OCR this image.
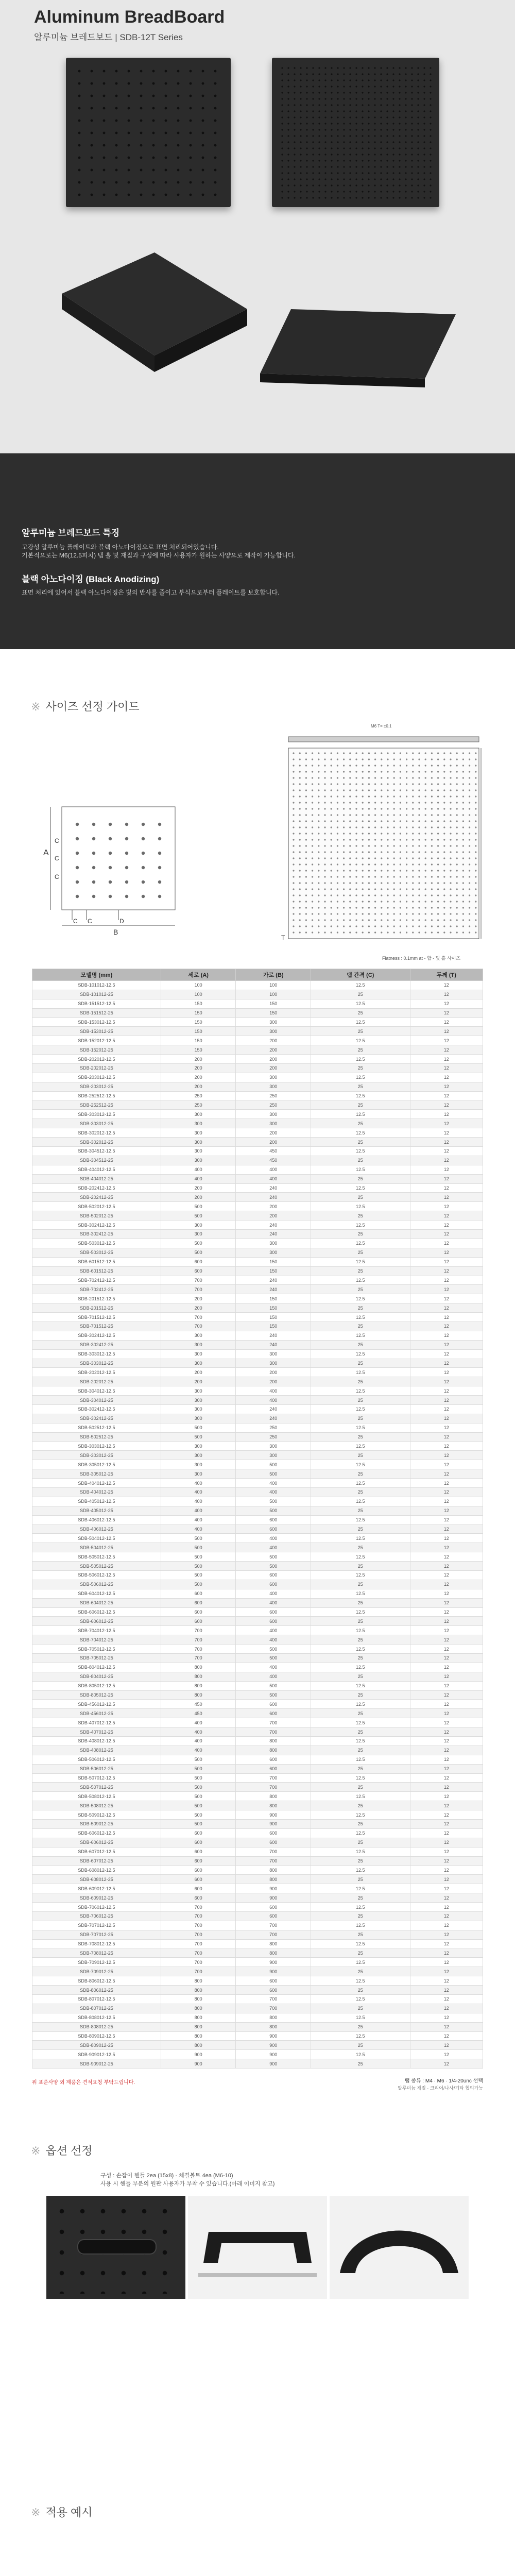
Aluminum BreadBoard
알루미늄 브레드보드 | SDB-12T Series
알루미늄 브레드보드 특징

고강성 알루미늄 플레이트와 블랙 아노다이징으로 표면 처리되어있습니다.

기본적으로는 M6(12.5피치) 탭 홀 및 재질과 구성에 따라 사용자가 원하는 사양으로 제작이 가능합니다.

블랙 아노다이징 (Black Anodizing)

표면 처리에 있어서 블랙 아노다이징은 빛의 반사를 줄이고 부식으로부터 플레이트를 보호합니다.

※ 사이즈 선정 가이드
A
C
C
C
C C	D
B
M6 T= ±0.1
T
Flatness : 0.1mm at - 합 - 및 홀 사이즈
모델명 (mm)	세로 (A)	가로 (B)	탭 간격 (C)	두께 (T)
SDB-101012-12.5	100	100	12.5	12
SDB-101012-25	100	100	25	12
SDB-151512-12.5	150	150	12.5	12
SDB-151512-25	150	150	25	12
SDB-153012-12.5	150	300	12.5	12
SDB-153012-25	150	300	25	12
SDB-152012-12.5	150	200	12.5	12
SDB-152012-25	150	200	25	12
SDB-202012-12.5	200	200	12.5	12
SDB-202012-25	200	200	25	12
SDB-203012-12.5	200	300	12.5	12
SDB-203012-25	200	300	25	12
SDB-252512-12.5	250	250	12.5	12
SDB-252512-25	250	250	25	12
SDB-303012-12.5	300	300	12.5	12
SDB-303012-25	300	300	25	12
SDB-302012-12.5	300	200	12.5	12
SDB-302012-25	300	200	25	12
SDB-304512-12.5	300	450	12.5	12
SDB-304512-25	300	450	25	12
SDB-404012-12.5	400	400	12.5	12
SDB-404012-25	400	400	25	12
SDB-202412-12.5	200	240	12.5	12
SDB-202412-25	200	240	25	12
SDB-502012-12.5	500	200	12.5	12
SDB-502012-25	500	200	25	12
SDB-302412-12.5	300	240	12.5	12
SDB-302412-25	300	240	25	12
SDB-503012-12.5	500	300	12.5	12
SDB-503012-25	500	300	25	12
SDB-601512-12.5	600	150	12.5	12
SDB-601512-25	600	150	25	12
SDB-702412-12.5	700	240	12.5	12
SDB-702412-25	700	240	25	12
SDB-201512-12.5	200	150	12.5	12
SDB-201512-25	200	150	25	12
SDB-701512-12.5	700	150	12.5	12
SDB-701512-25	700	150	25	12
SDB-302412-12.5	300	240	12.5	12
SDB-302412-25	300	240	25	12
SDB-303012-12.5	300	300	12.5	12
SDB-303012-25	300	300	25	12
SDB-202012-12.5	200	200	12.5	12
SDB-202012-25	200	200	25	12
SDB-304012-12.5	300	400	12.5	12
SDB-304012-25	300	400	25	12
SDB-302412-12.5	300	240	12.5	12
SDB-302412-25	300	240	25	12
SDB-502512-12.5	500	250	12.5	12
SDB-502512-25	500	250	25	12
SDB-303012-12.5	300	300	12.5	12
SDB-303012-25	300	300	25	12
SDB-305012-12.5	300	500	12.5	12
SDB-305012-25	300	500	25	12
SDB-404012-12.5	400	400	12.5	12
SDB-404012-25	400	400	25	12
SDB-405012-12.5	400	500	12.5	12
SDB-405012-25	400	500	25	12
SDB-406012-12.5	400	600	12.5	12
SDB-406012-25	400	600	25	12
SDB-504012-12.5	500	400	12.5	12
SDB-504012-25	500	400	25	12
SDB-505012-12.5	500	500	12.5	12
SDB-505012-25	500	500	25	12
SDB-506012-12.5	500	600	12.5	12
SDB-506012-25	500	600	25	12
SDB-604012-12.5	600	400	12.5	12
SDB-604012-25	600	400	25	12
SDB-606012-12.5	600	600	12.5	12
SDB-606012-25	600	600	25	12
SDB-704012-12.5	700	400	12.5	12
SDB-704012-25	700	400	25	12
SDB-705012-12.5	700	500	12.5	12
SDB-705012-25	700	500	25	12
SDB-804012-12.5	800	400	12.5	12
SDB-804012-25	800	400	25	12
SDB-805012-12.5	800	500	12.5	12
SDB-805012-25	800	500	25	12
SDB-456012-12.5	450	600	12.5	12
SDB-456012-25	450	600	25	12
SDB-407012-12.5	400	700	12.5	12
SDB-407012-25	400	700	25	12
SDB-408012-12.5	400	800	12.5	12
SDB-408012-25	400	800	25	12
SDB-506012-12.5	500	600	12.5	12
SDB-506012-25	500	600	25	12
SDB-507012-12.5	500	700	12.5	12
SDB-507012-25	500	700	25	12
SDB-508012-12.5	500	800	12.5	12
SDB-508012-25	500	800	25	12
SDB-509012-12.5	500	900	12.5	12
SDB-509012-25	500	900	25	12
SDB-606012-12.5	600	600	12.5	12
SDB-606012-25	600	600	25	12
SDB-607012-12.5	600	700	12.5	12
SDB-607012-25	600	700	25	12
SDB-608012-12.5	600	800	12.5	12
SDB-608012-25	600	800	25	12
SDB-609012-12.5	600	900	12.5	12
SDB-609012-25	600	900	25	12
SDB-706012-12.5	700	600	12.5	12
SDB-706012-25	700	600	25	12
SDB-707012-12.5	700	700	12.5	12
SDB-707012-25	700	700	25	12
SDB-708012-12.5	700	800	12.5	12
SDB-708012-25	700	800	25	12
SDB-709012-12.5	700	900	12.5	12
SDB-709012-25	700	900	25	12
SDB-806012-12.5	800	600	12.5	12
SDB-806012-25	800	600	25	12
SDB-807012-12.5	800	700	12.5	12
SDB-807012-25	800	700	25	12
SDB-808012-12.5	800	800	12.5	12
SDB-808012-25	800	800	25	12
SDB-809012-12.5	800	900	12.5	12
SDB-809012-25	800	900	25	12
SDB-909012-12.5	900	900	12.5	12
SDB-909012-25	900	900	25	12
위 표준사양 외 제품은 견적요청 부탁드립니다.	탭 종류 : M4 · M6 · 1/4-20unc 선택
알루미늄 재질 · 크리어/나사/기타 협의가능
※ 옵션 선정
구성 : 손잡이 핸들 2ea (15x8) · 체결볼트 4ea (M6-10)
사용 시 핸들 부분의 원판 사용자가 부착 수 있습니다.(아래 이미지 참고)
※ 적용 예시
